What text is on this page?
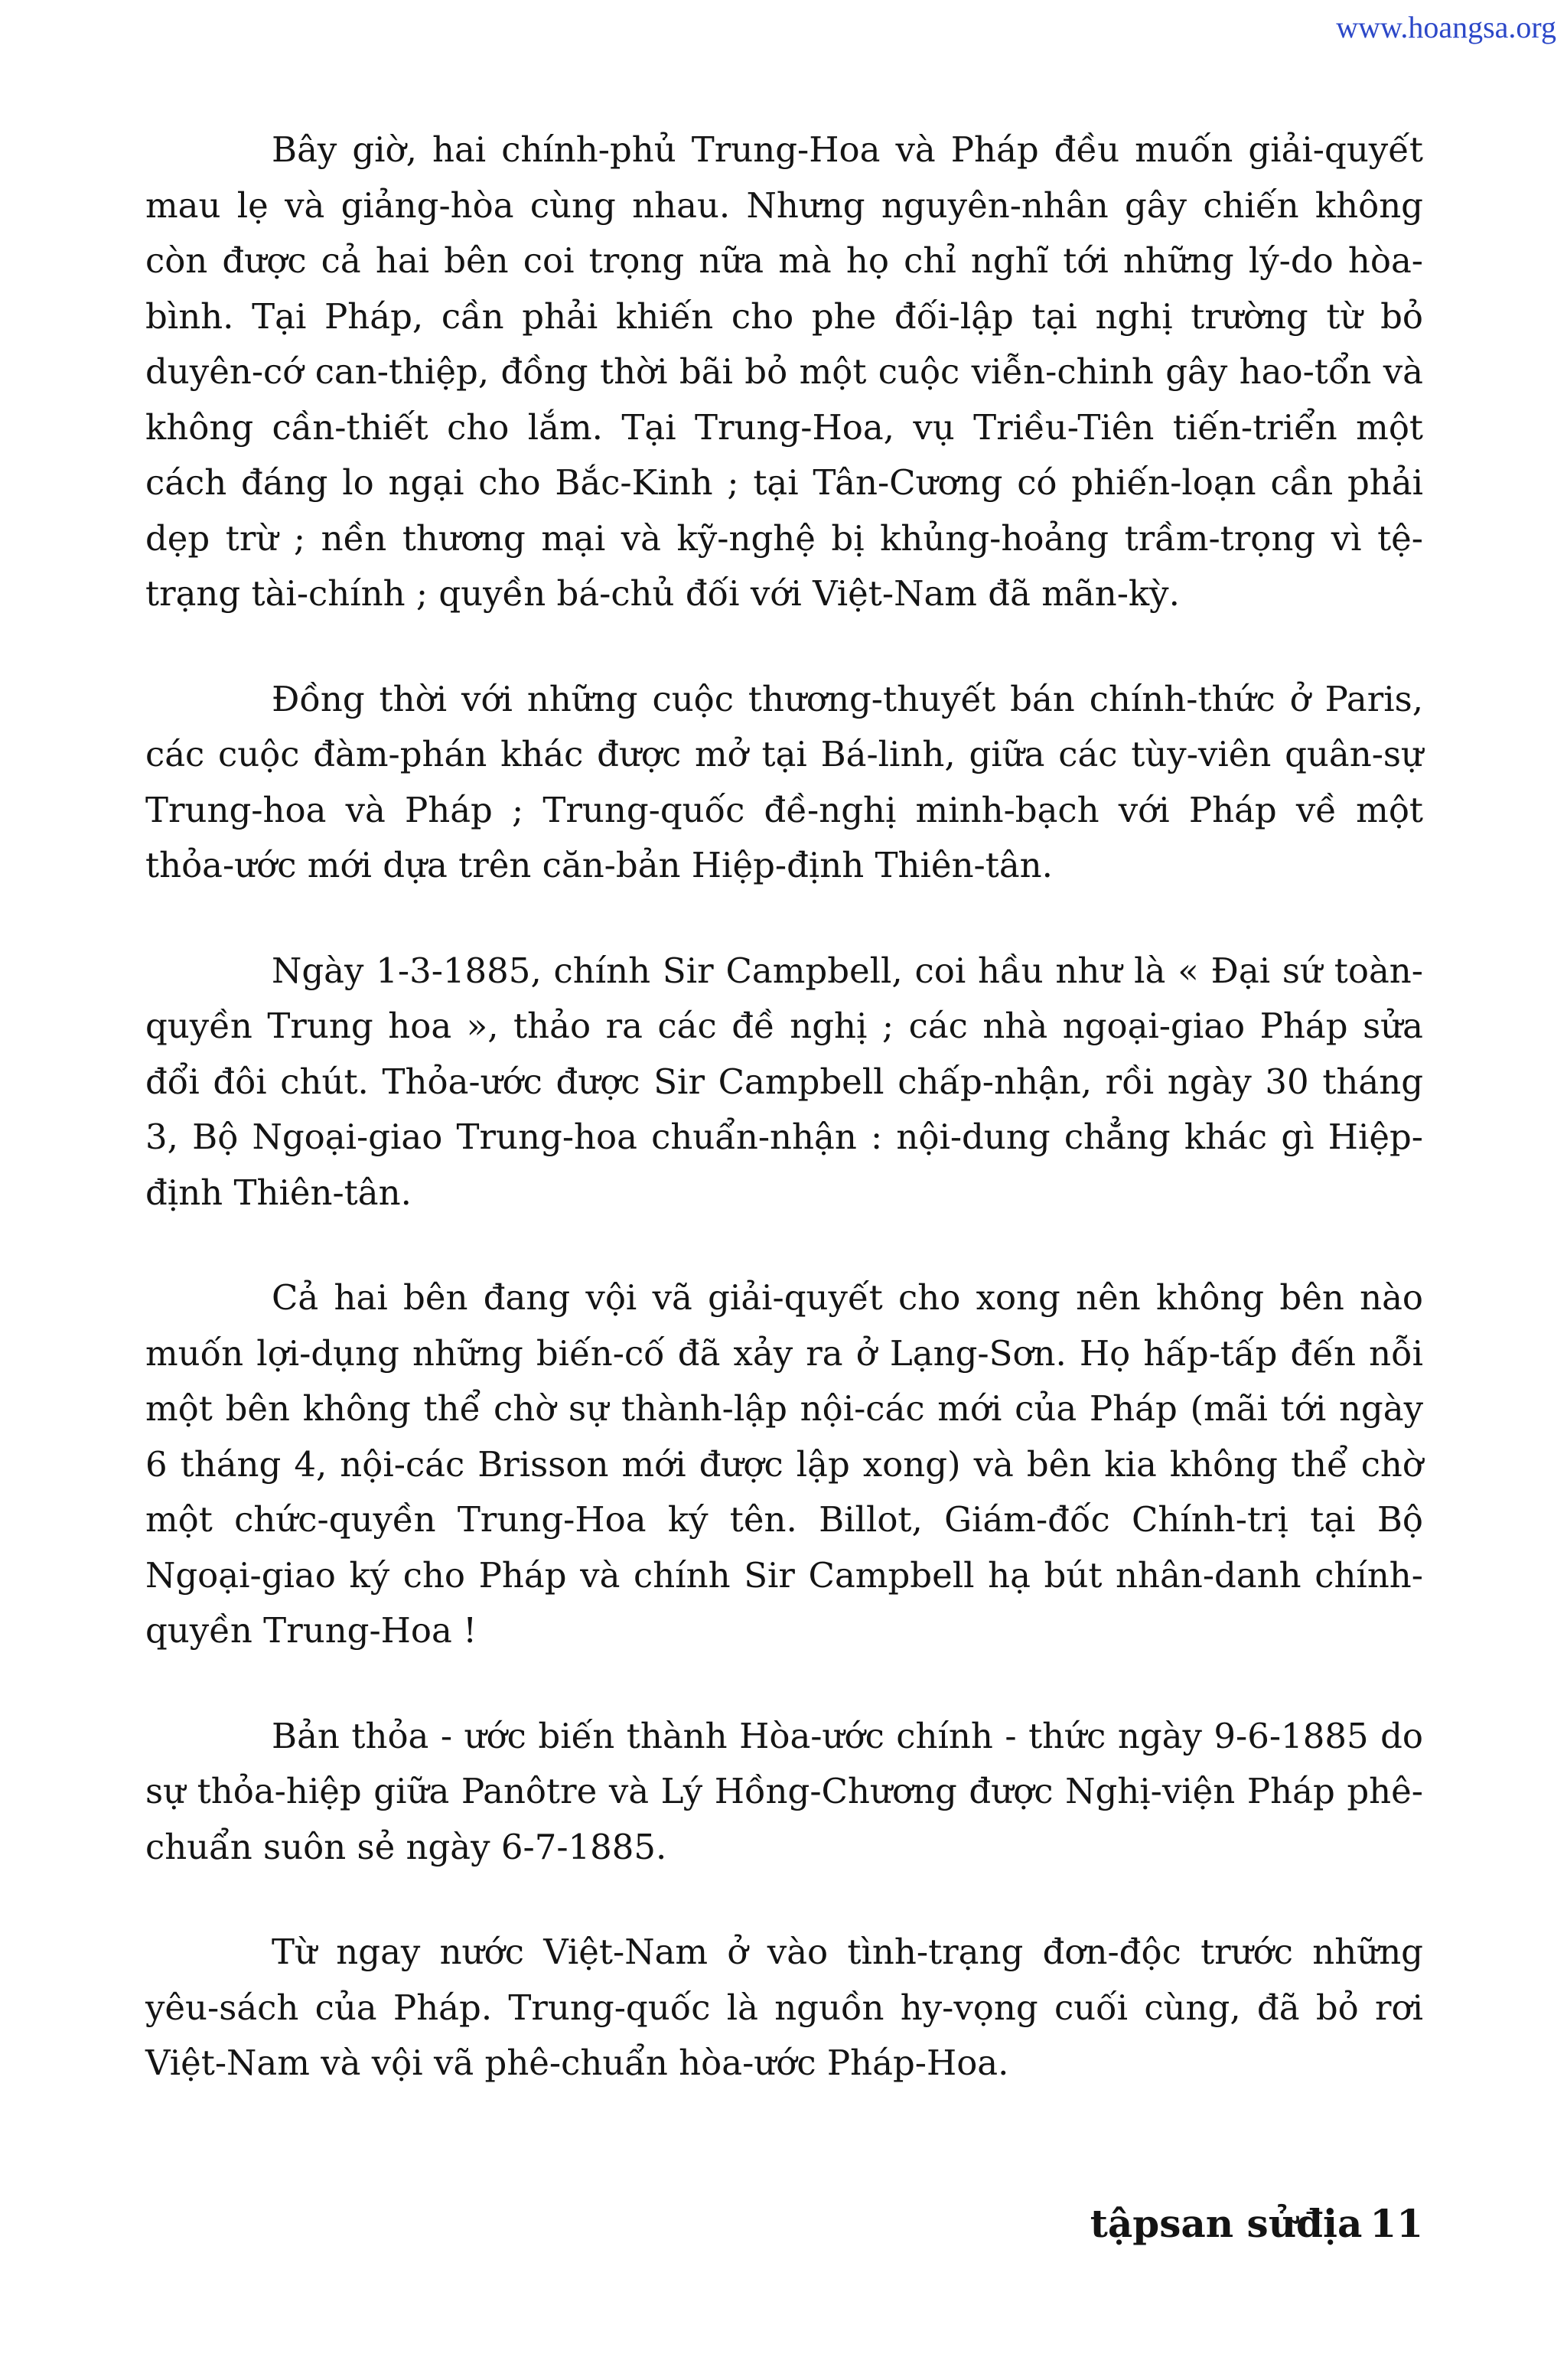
www.hoangsa.org

Bây giờ, hai chính-phủ Trung-Hoa và Pháp đều muốn giải-quyết mau lẹ và giảng-hòa cùng nhau. Nhưng nguyên-nhân gây chiến không còn được cả hai bên coi trọng nữa mà họ chỉ nghĩ tới những lý-do hòa-bình. Tại Pháp, cần phải khiến cho phe đối-lập tại nghị trường từ bỏ duyên-cớ can-thiệp, đồng thời bãi bỏ một cuộc viễn-chinh gây hao-tổn và không cần-thiết cho lắm. Tại Trung-Hoa, vụ Triều-Tiên tiến-triển một cách đáng lo ngại cho Bắc-Kinh ; tại Tân-Cương có phiến-loạn cần phải dẹp trừ ; nền thương mại và kỹ-nghệ bị khủng-hoảng trầm-trọng vì tệ-trạng tài-chính ; quyền bá-chủ đối với Việt-Nam đã mãn-kỳ.

Đồng thời với những cuộc thương-thuyết bán chính-thức ở Paris, các cuộc đàm-phán khác được mở tại Bá-linh, giữa các tùy-viên quân-sự Trung-hoa và Pháp ; Trung-quốc đề-nghị minh-bạch với Pháp về một thỏa-ước mới dựa trên căn-bản Hiệp-định Thiên-tân.

Ngày 1-3-1885, chính Sir Campbell, coi hầu như là « Đại sứ toàn-quyền Trung hoa », thảo ra các đề nghị ; các nhà ngoại-giao Pháp sửa đổi đôi chút. Thỏa-ước được Sir Campbell chấp-nhận, rồi ngày 30 tháng 3, Bộ Ngoại-giao Trung-hoa chuẩn-nhận : nội-dung chẳng khác gì Hiệp-định Thiên-tân.

Cả hai bên đang vội vã giải-quyết cho xong nên không bên nào muốn lợi-dụng những biến-cố đã xảy ra ở Lạng-Sơn. Họ hấp-tấp đến nỗi một bên không thể chờ sự thành-lập nội-các mới của Pháp (mãi tới ngày 6 tháng 4, nội-các Brisson mới được lập xong) và bên kia không thể chờ một chức-quyền Trung-Hoa ký tên. Billot, Giám-đốc Chính-trị tại Bộ Ngoại-giao ký cho Pháp và chính Sir Campbell hạ bút nhân-danh chính-quyền Trung-Hoa !

Bản thỏa - ước biến thành Hòa-ước chính - thức ngày 9-6-1885 do sự thỏa-hiệp giữa Panôtre và Lý Hồng-Chương được Nghị-viện Pháp phê-chuẩn suôn sẻ ngày 6-7-1885.

Từ ngay nước Việt-Nam ở vào tình-trạng đơn-độc trước những yêu-sách của Pháp. Trung-quốc là nguồn hy-vọng cuối cùng, đã bỏ rơi Việt-Nam và vội vã phê-chuẩn hòa-ước Pháp-Hoa.

tậpsan sửđịa 11
